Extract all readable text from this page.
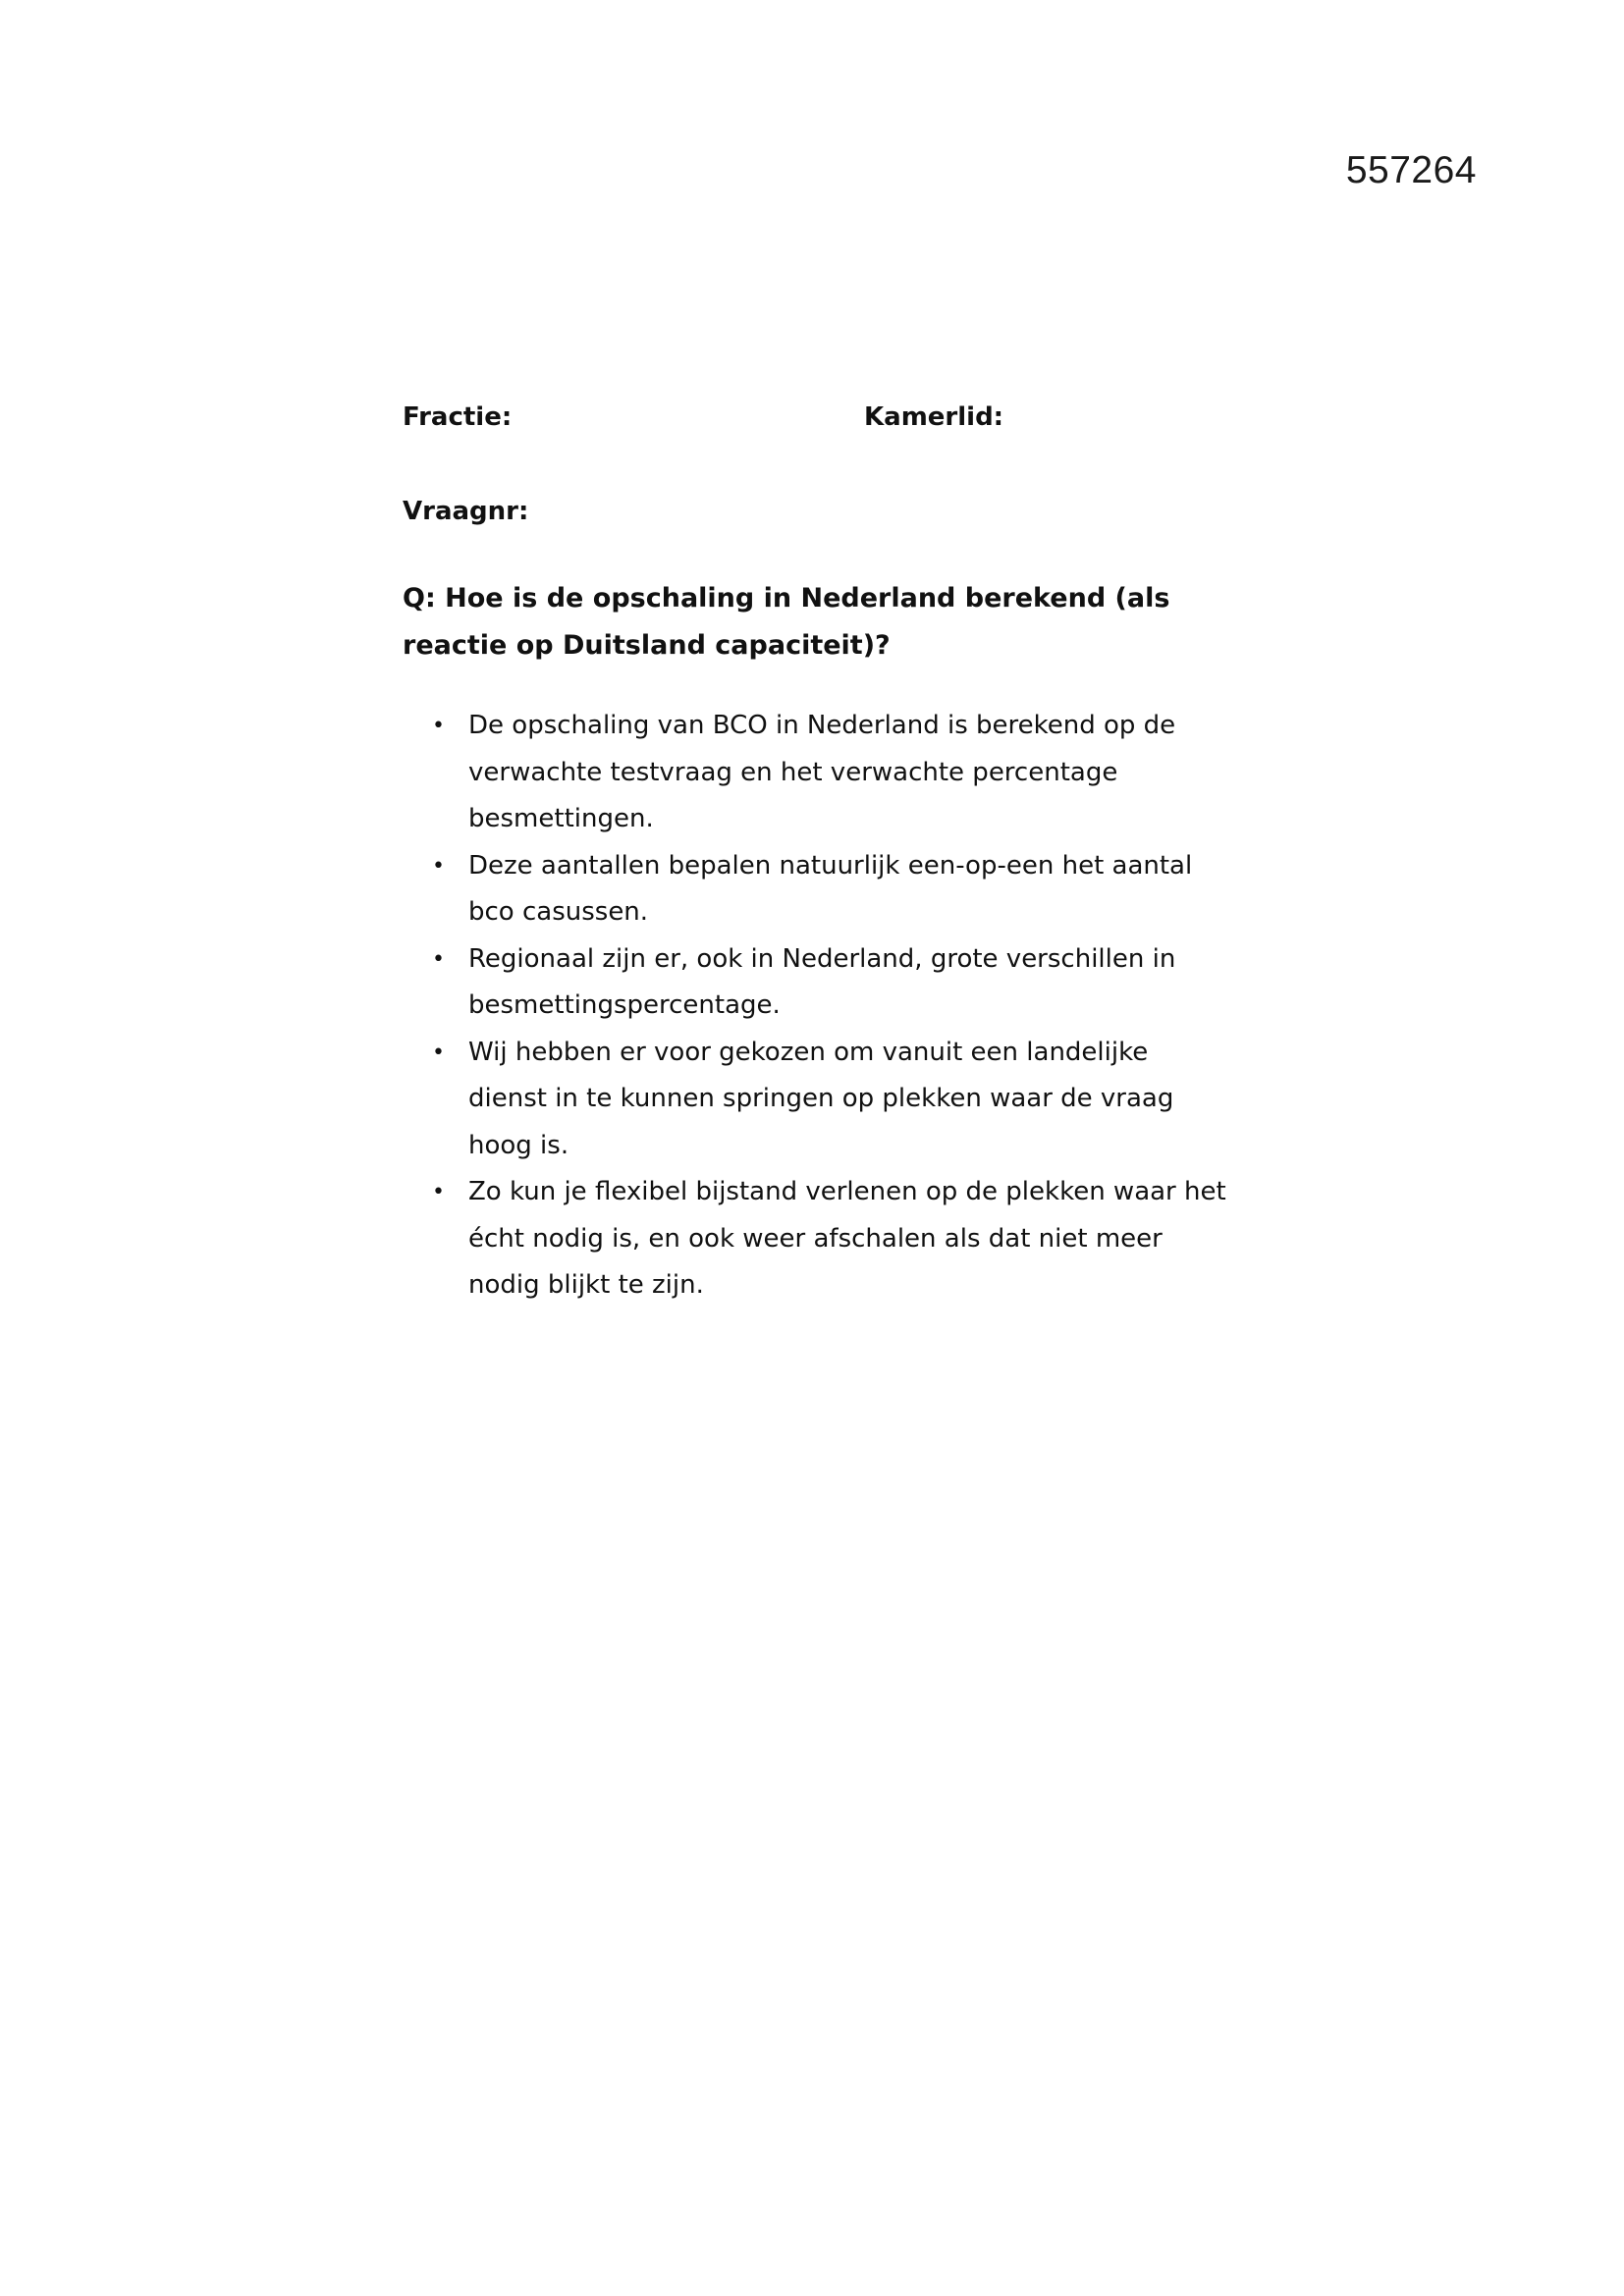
557264
Fractie:	Kamerlid:
Vraagnr:
Q: Hoe is de opschaling in Nederland berekend (als reactie op Duitsland capaciteit)?
• De opschaling van BCO in Nederland is berekend op de verwachte testvraag en het verwachte percentage besmettingen.
• Deze aantallen bepalen natuurlijk een-op-een het aantal bco casussen.
• Regionaal zijn er, ook in Nederland, grote verschillen in besmettingspercentage.
• Wij hebben er voor gekozen om vanuit een landelijke dienst in te kunnen springen op plekken waar de vraag hoog is.
• Zo kun je flexibel bijstand verlenen op de plekken waar het écht nodig is, en ook weer afschalen als dat niet meer nodig blijkt te zijn.
